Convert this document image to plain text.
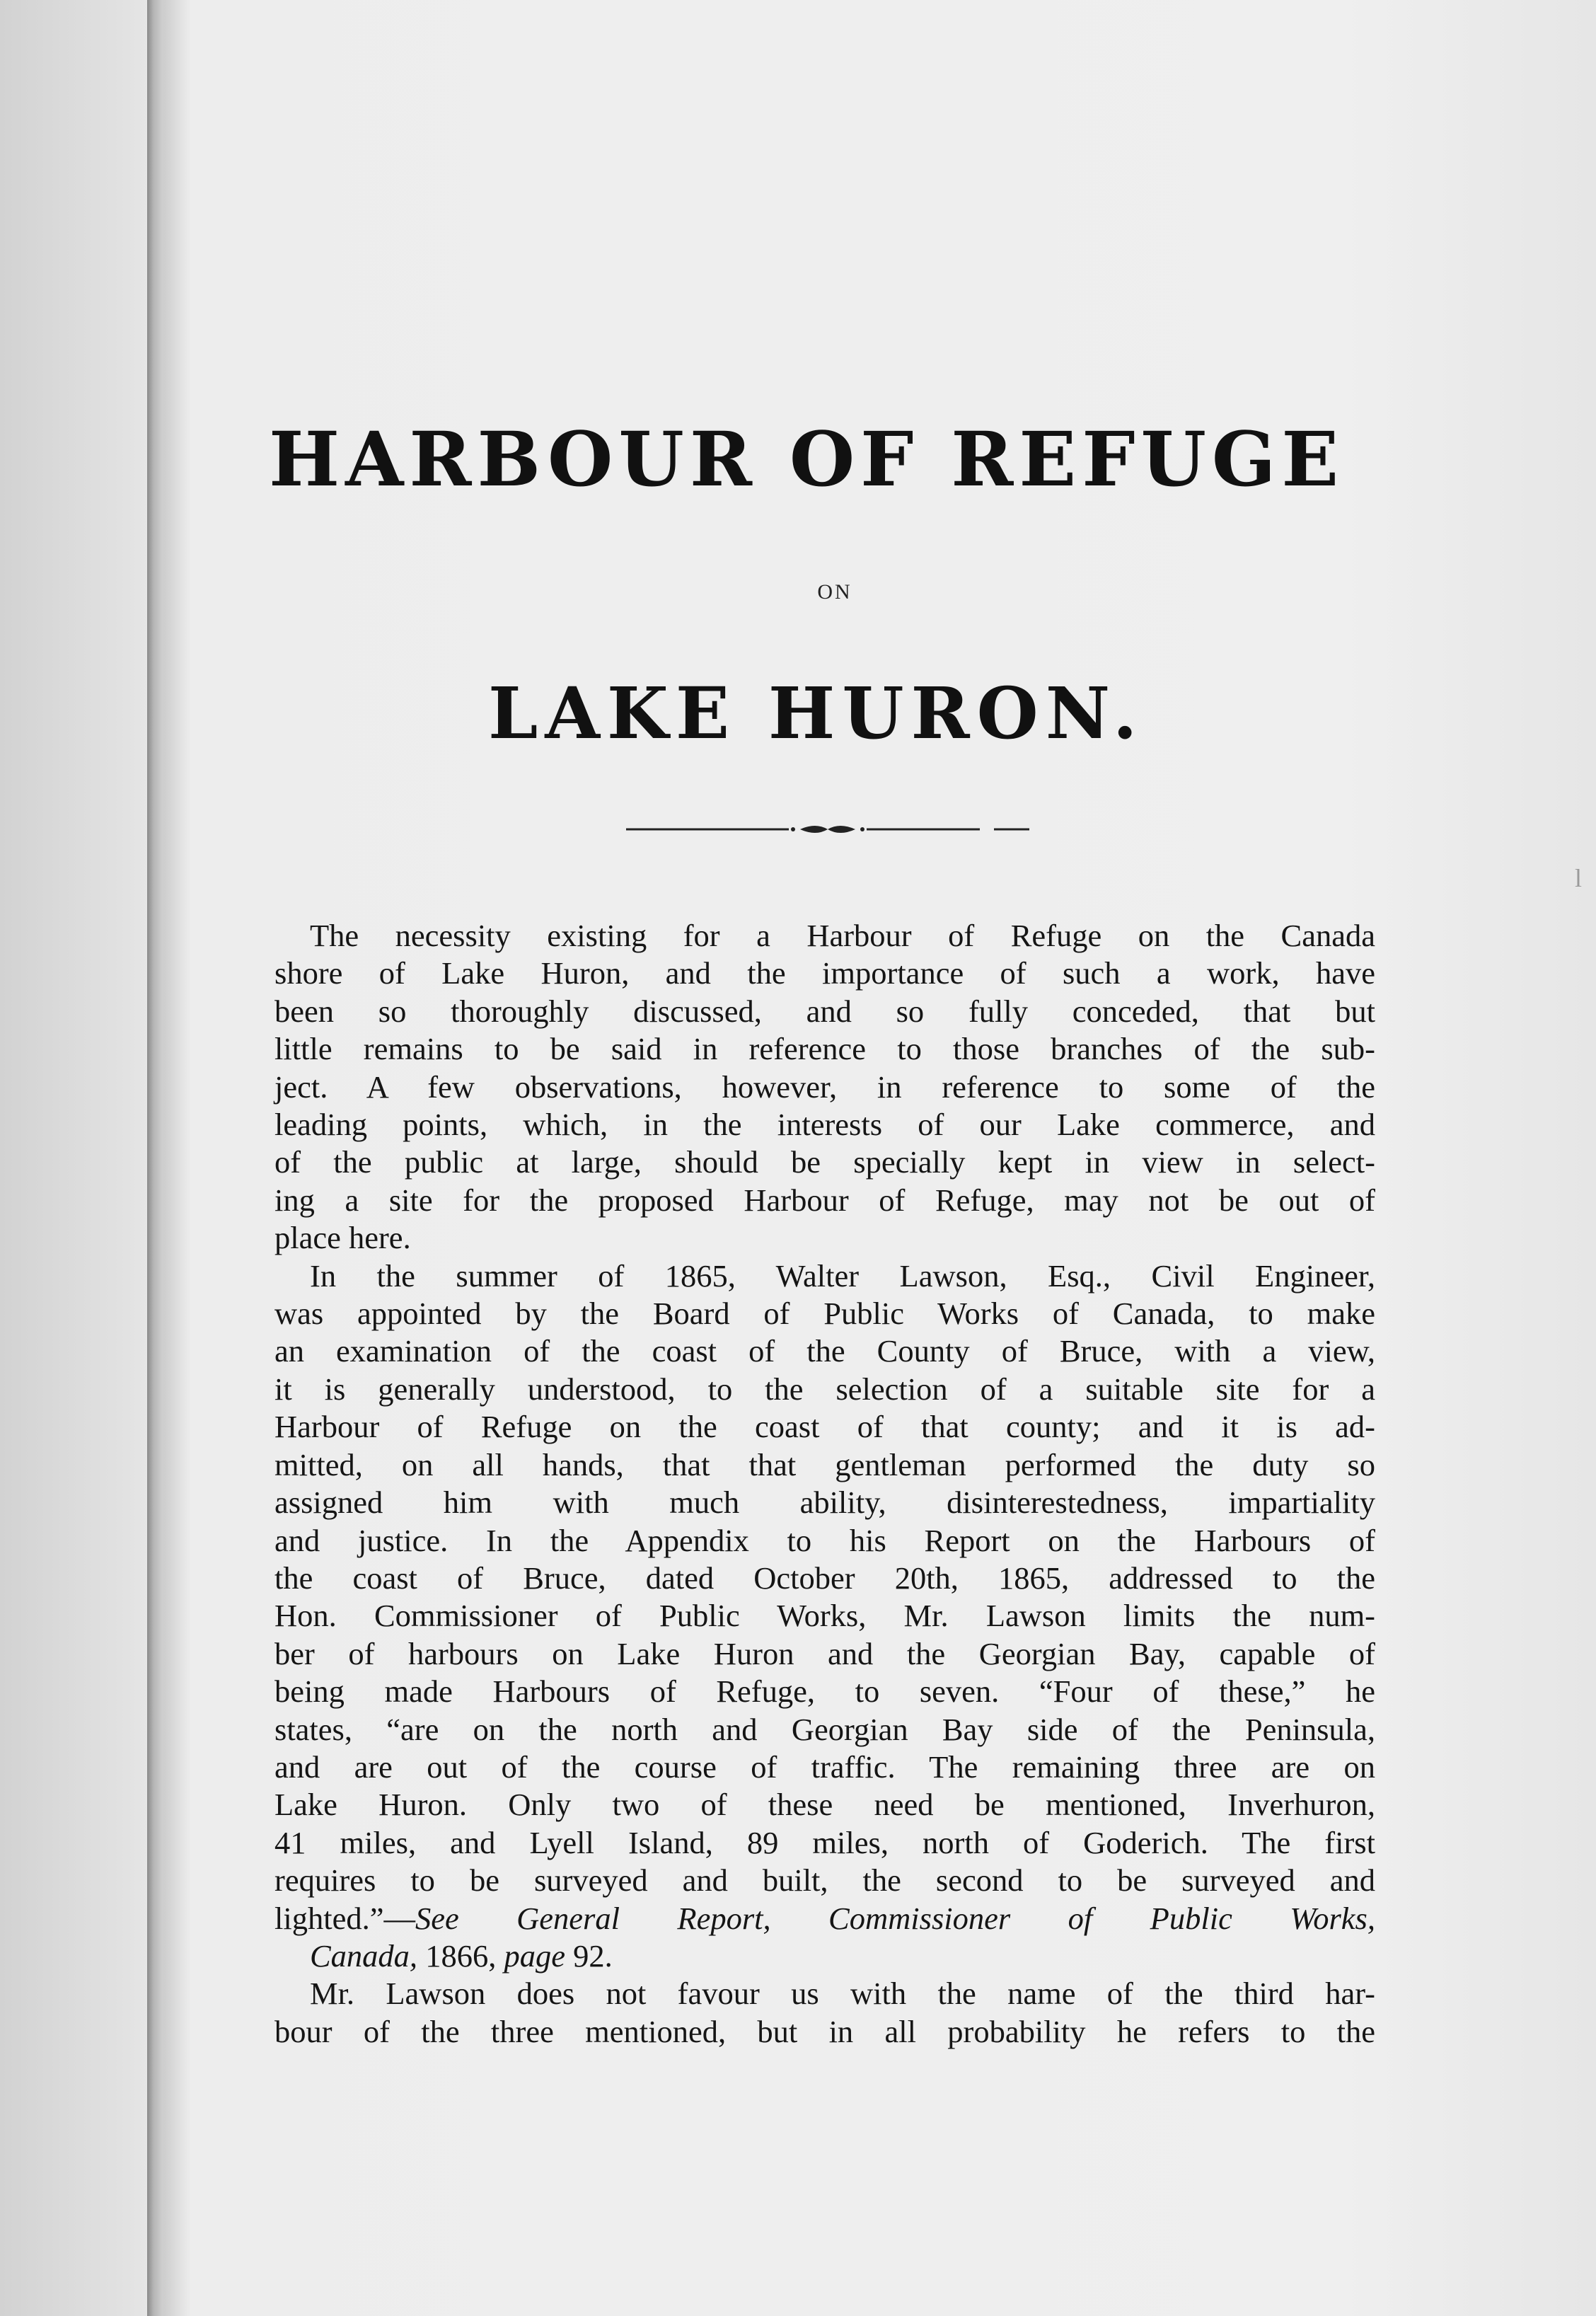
l
HARBOUR OF REFUGE
ON
LAKE HURON.
The necessity existing for a Harbour of Refuge on the Canada
shore of Lake Huron, and the importance of such a work, have
been so thoroughly discussed, and so fully conceded, that but
little remains to be said in reference to those branches of the sub-
ject. A few observations, however, in reference to some of the
leading points, which, in the interests of our Lake commerce, and
of the public at large, should be specially kept in view in select-
ing a site for the proposed Harbour of Refuge, may not be out of
place here.
In the summer of 1865, Walter Lawson, Esq., Civil Engineer,
was appointed by the Board of Public Works of Canada, to make
an examination of the coast of the County of Bruce, with a view,
it is generally understood, to the selection of a suitable site for a
Harbour of Refuge on the coast of that county; and it is ad-
mitted, on all hands, that that gentleman performed the duty so
assigned him with much ability, disinterestedness, impartiality
and justice. In the Appendix to his Report on the Harbours of
the coast of Bruce, dated October 20th, 1865, addressed to the
Hon. Commissioner of Public Works, Mr. Lawson limits the num-
ber of harbours on Lake Huron and the Georgian Bay, capable of
being made Harbours of Refuge, to seven. “Four of these,” he
states, “are on the north and Georgian Bay side of the Peninsula,
and are out of the course of traffic. The remaining three are on
Lake Huron. Only two of these need be mentioned, Inverhuron,
41 miles, and Lyell Island, 89 miles, north of Goderich. The first
requires to be surveyed and built, the second to be surveyed and
lighted.”—See General Report, Commissioner of Public Works,
Canada, 1866, page 92.
Mr. Lawson does not favour us with the name of the third har-
bour of the three mentioned, but in all probability he refers to the
